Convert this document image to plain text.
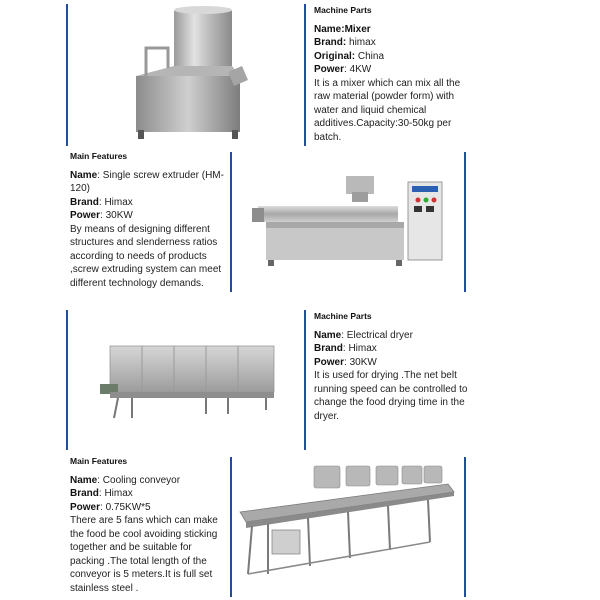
Machine Parts

Name:Mixer

Brand: himax

Original: China

Power: 4KW

It is a mixer which can mix all the raw material (powder form) with water and liquid chemical additives.Capacity:30-50kg per batch.

Main Features

Name: Single screw extruder (HM-120)

Brand: Himax

Power: 30KW

By means of designing different structures and slenderness ratios according to needs of products ,screw extruding system can meet different technology demands.

Machine Parts

Name: Electrical dryer

Brand: Himax

Power: 30KW

It is used for drying .The net belt running speed can be controlled to change the food drying time in the dryer.

Main Features

Name: Cooling conveyor

Brand: Himax

Power: 0.75KW*5

There are 5 fans which can make the food be cool avoiding sticking together and be suitable for packing .The total length of the conveyor is 5 meters.It is full set stainless steel .
